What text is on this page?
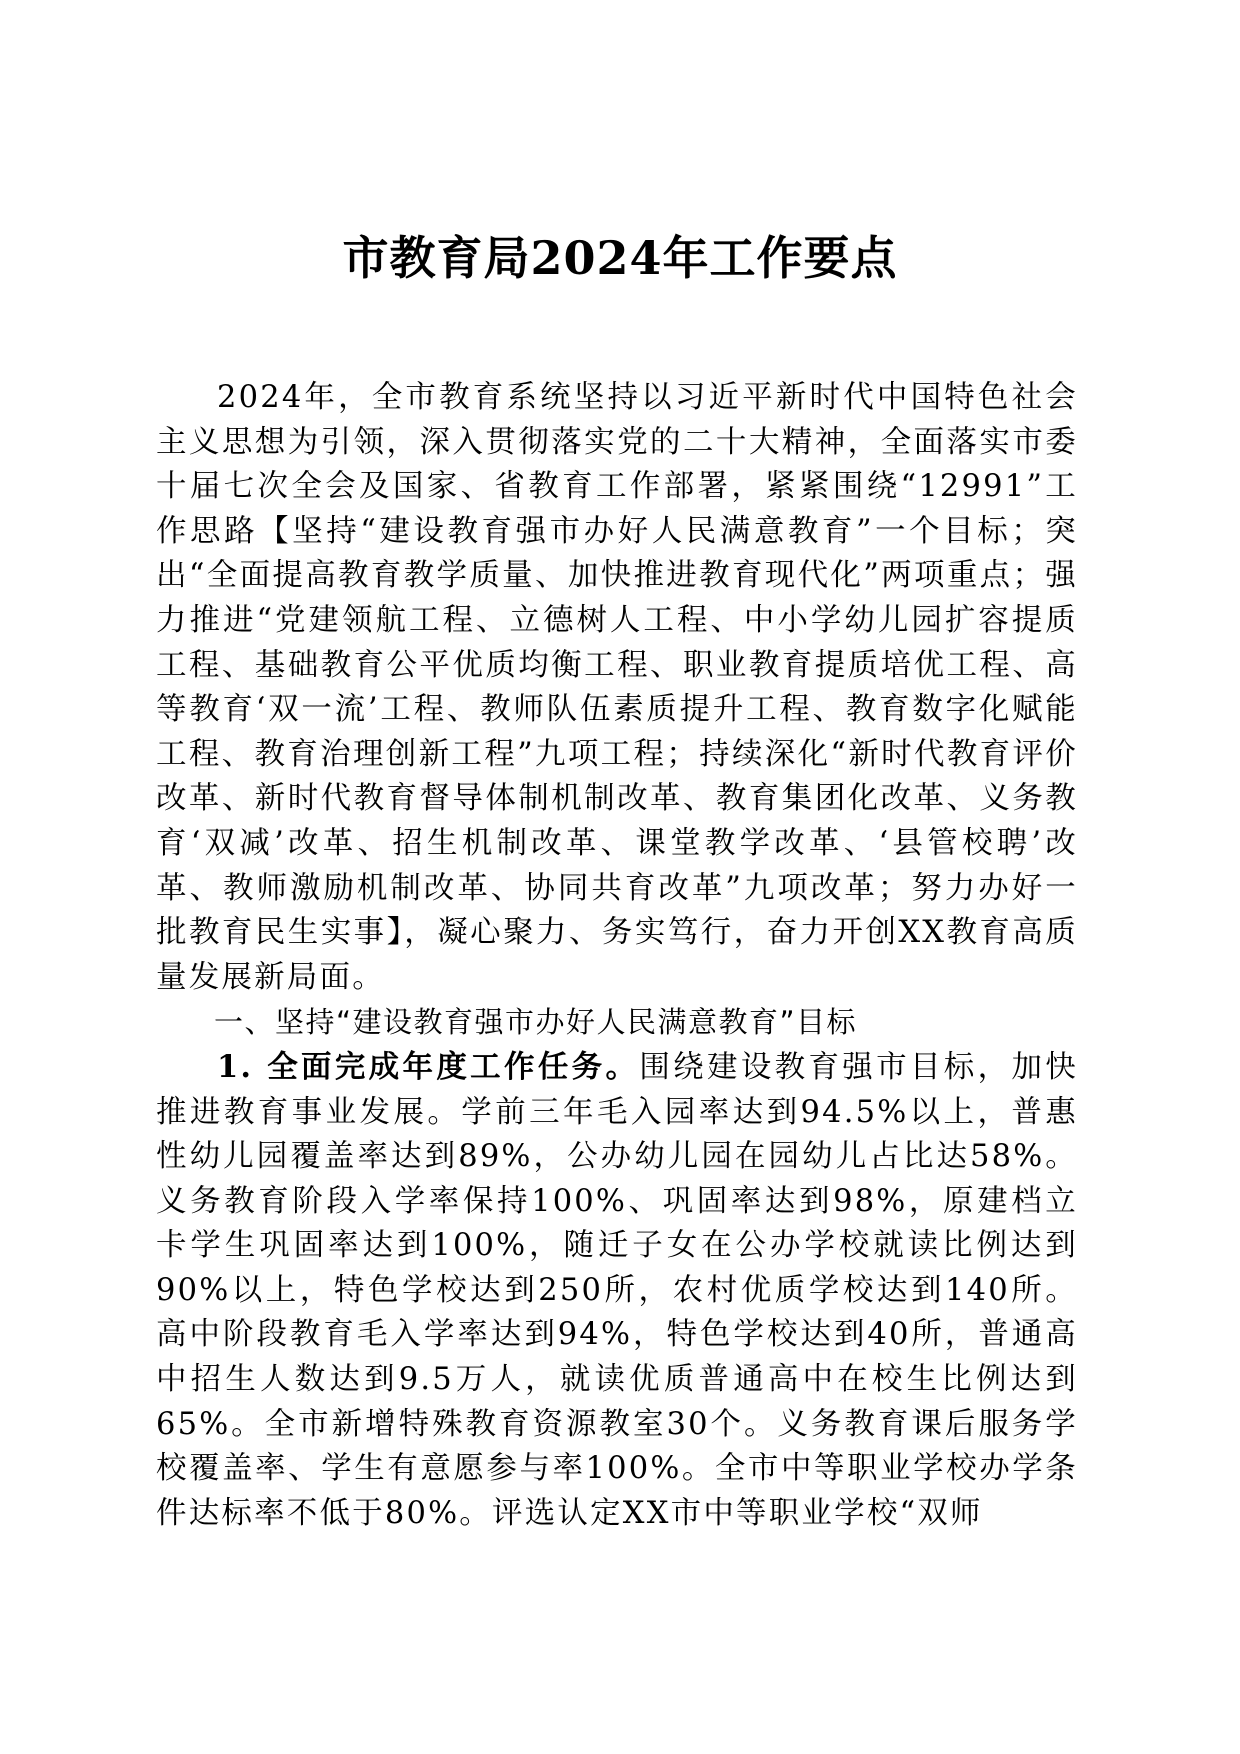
市教育局2024年工作要点

2024年，全市教育系统坚持以习近平新时代中国特色社会主义思想为引领，深入贯彻落实党的二十大精神，全面落实市委十届七次全会及国家、省教育工作部署，紧紧围绕“12991”工作思路【坚持“建设教育强市办好人民满意教育”一个目标；突出“全面提高教育教学质量、加快推进教育现代化”两项重点；强力推进“党建领航工程、立德树人工程、中小学幼儿园扩容提质工程、基础教育公平优质均衡工程、职业教育提质培优工程、高等教育‘双一流’工程、教师队伍素质提升工程、教育数字化赋能工程、教育治理创新工程”九项工程；持续深化“新时代教育评价改革、新时代教育督导体制机制改革、教育集团化改革、义务教育‘双减’改革、招生机制改革、课堂教学改革、‘县管校聘’改革、教师激励机制改革、协同共育改革”九项改革；努力办好一批教育民生实事】，凝心聚力、务实笃行，奋力开创XX教育高质量发展新局面。

一、坚持“建设教育强市办好人民满意教育”目标

1. 全面完成年度工作任务。围绕建设教育强市目标，加快推进教育事业发展。学前三年毛入园率达到94.5%以上，普惠性幼儿园覆盖率达到89%，公办幼儿园在园幼儿占比达58%。义务教育阶段入学率保持100%、巩固率达到98%，原建档立卡学生巩固率达到100%，随迁子女在公办学校就读比例达到90%以上，特色学校达到250所，农村优质学校达到140所。高中阶段教育毛入学率达到94%，特色学校达到40所，普通高中招生人数达到9.5万人，就读优质普通高中在校生比例达到65%。全市新增特殊教育资源教室30个。义务教育课后服务学校覆盖率、学生有意愿参与率100%。全市中等职业学校办学条件达标率不低于80%。评选认定XX市中等职业学校“双师
